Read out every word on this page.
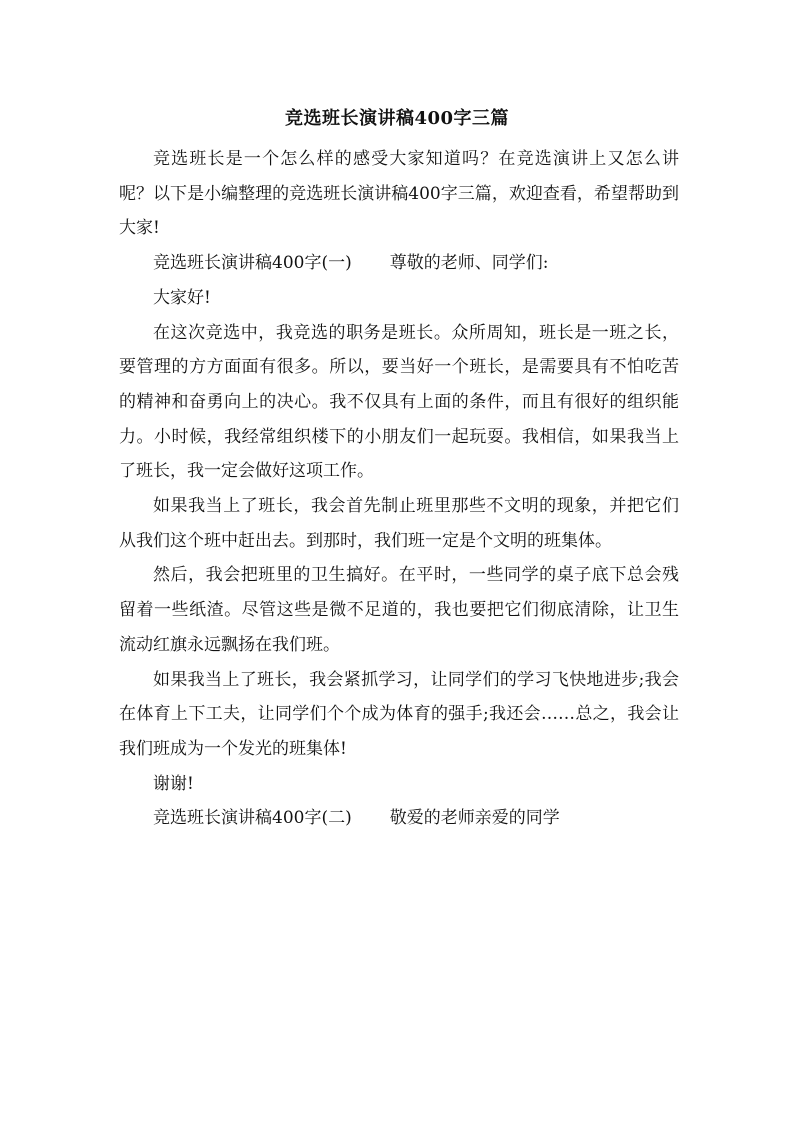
竞选班长演讲稿400字三篇

竞选班长是一个怎么样的感受大家知道吗？在竞选演讲上又怎么讲呢？以下是小编整理的竞选班长演讲稿400字三篇，欢迎查看，希望帮助到大家!

竞选班长演讲稿400字(一) 尊敬的老师、同学们:

大家好!

在这次竞选中，我竞选的职务是班长。众所周知，班长是一班之长，要管理的方方面面有很多。所以，要当好一个班长，是需要具有不怕吃苦的精神和奋勇向上的决心。我不仅具有上面的条件，而且有很好的组织能力。小时候，我经常组织楼下的小朋友们一起玩耍。我相信，如果我当上了班长，我一定会做好这项工作。

如果我当上了班长，我会首先制止班里那些不文明的现象，并把它们从我们这个班中赶出去。到那时，我们班一定是个文明的班集体。

然后，我会把班里的卫生搞好。在平时，一些同学的桌子底下总会残留着一些纸渣。尽管这些是微不足道的，我也要把它们彻底清除，让卫生流动红旗永远飘扬在我们班。

如果我当上了班长，我会紧抓学习，让同学们的学习飞快地进步;我会在体育上下工夫，让同学们个个成为体育的强手;我还会……总之，我会让我们班成为一个发光的班集体!

谢谢!

竞选班长演讲稿400字(二) 敬爱的老师亲爱的同学
